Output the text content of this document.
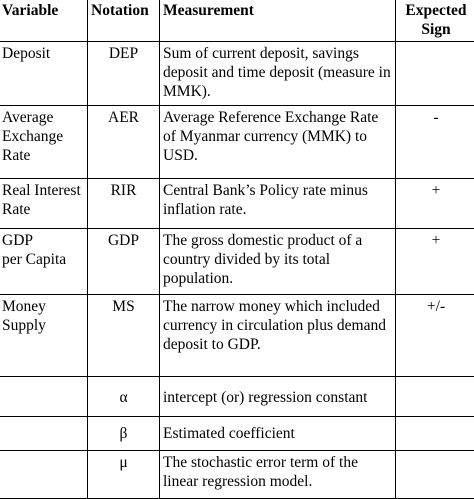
Variable	Notation	Measurement	Expected
Sign
Deposit	DEP	Sum of current deposit, savings deposit and time deposit (measure in MMK).	
Average
Exchange
Rate	AER	Average Reference Exchange Rate of Myanmar currency (MMK) to USD.	-
Real Interest
Rate	RIR	Central Bank’s Policy rate minus inflation rate.	+
GDP
per Capita	GDP	The gross domestic product of a country divided by its total population.	+
Money
Supply	MS	The narrow money which included currency in circulation plus demand deposit to GDP.	+/-
	α	intercept (or) regression constant	
	β	Estimated coefficient	
	μ	The stochastic error term of the linear regression model.	
